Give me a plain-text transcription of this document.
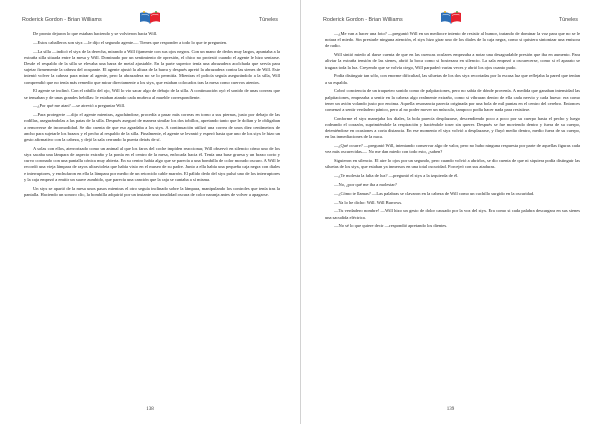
Roderick Gordon - Brian Williams	Túneles

De pronto dejaron lo que estaban haciendo y se volvieron hacia Will.

—Estos caballeros son styx —le dijo el segundo agente—. Tienes que responder a todo lo que te pregunten.

—La silla —indicó el styx de la derecha, mirando a Will fijamente con sus ojos negros. Con un mano de dedos muy largos, apuntaba a la extraña silla situada entre la mesa y Will. Dominado por un sentimiento de opresión, el chico no protestó cuando el agente le hizo sentarse. Desde el respaldo de la silla se elevaba una barra de metal ajustable. En la parte superior tenía una abrazadera acolchada que servía para sujetar firmemente la cabeza del ocupante. El agente ajustó la altura de la barra y después apretó la abrazadera contra las sienes de Will. Este intentó volver la cabeza para mirar al agente, pero la abrazadera no se lo permitía. Mientras el policía seguía asegurándolo a la silla, Will comprendió que no tenía más remedio que mirar directamente a los styx, que estaban colocados tras la mesa como cuervos atentos.

El agente se inclinó. Con el rabillo del ojo, Will lo vio sacar algo de debajo de la silla. A continuación oyó el sonido de unas correas que se tensaban y de unas grandes hebillas: le estaban atando cada muñeca al mueble correspondiente.

—¿Por qué me atan? —se atrevió a preguntar Will.

—Para protegerte —dijo el agente mientras, agachándose, procedía a pasar más correas en torno a sus piernas, justo por debajo de las rodillas, asegurándolas a las patas de la silla. Después aseguró de manera similar los dos tobillos, apretando tanto que le dolían y le obligaban a removerse de incomodidad. Se dio cuenta de que eso agradaba a los styx. A continuación utilizó una correa de unos diez centímetros de ancho para sujetarle los brazos y el pecho al respaldo de la silla. Finalmente, el agente se levantó y esperó hasta que uno de los styx le hizo un gesto afirmativo con la cabeza, y dejó la sala cerrando la puerta detrás de sí.

A solas con ellos, aterrorizado como un animal al que los faros del coche impiden reaccionar, Will observó en silencio cómo uno de los styx sacaba una lámpara de aspecto extraño y la ponía en el centro de la mesa, enfocada hacia él. Tenía una base gruesa y un brazo corto y curvo coronado con una pantalla cónica muy abierta. En su centro había algo que se parecía a una bombilla de color morado oscuro. A Will le recordó una vieja lámpara de rayos ultravioleta que había visto en el museo de su padre. Junto a ella había una pequeña caja negra con diales e interruptores, y enchufaron en ella la lámpara por medio de un retorcido cable marrón. El pálido dedo del styx pulsó uno de los interruptores y la caja empezó a emitir un suave zumbido, que parecía una canción que la caja se cantaba a sí misma.

Un styx se apartó de la mesa unos pasos mientras el otro seguía inclinado sobre la lámpara, manipulando los controles que tenía tras la pantalla. Haciendo un sonoro clic, la bombilla adquirió por un instante una tonalidad oscura de color naranja antes de volver a apagarse.

138
Roderick Gordon - Brian Williams	Túneles

—¿Me van a hacer una foto? —preguntó Will en un mediocre intento de resistir al humor, tratando de dominar la voz para que no se le notara el miedo. Sin prestarle ninguna atención, el styx hizo girar uno de los diales de la caja negra, como si quisiera sintonizar una emisora de radio.

Will sintió miedo al darse cuenta de que en las cuencas oculares empezaba a notar una desagradable presión que iba en aumento. Para aliviar la extraña tensión de las sienes, abrió la boca como si bostezara en silencio. La sala empezó a oscurecerse, como si el aparato se tragara toda la luz. Creyendo que se volvía ciego, Will parpadeó varias veces y abrió los ojos cuanto pudo.

Podía distinguir tan sólo, con enorme dificultad, las siluetas de los dos styx recortadas por la escasa luz que reflejaba la pared que tenían a su espalda.

Cobró conciencia de un traqueteo sonido como de palpitaciones, pero no sabía de dónde provenía. A medida que ganaban intensidad las palpitaciones, empezaba a sentir en la cabeza algo realmente extraño, como si vibraran dentro de ella cada nervio y cada hueso: era como tener un avión volando justo por encima. Aquella resonancia parecía originada por una bola de mil puntas en el centro del cerebro. Entonces comenzó a sentir verdadero pánico, pero al no poder mover un músculo, tampoco podía hacer nada para resistirse.

Conforme el styx manejaba los diales, la bola parecía desplazarse, descendiendo poco a poco por su cuerpo hasta el pecho y luego rodeando el corazón, suprimiéndole la respiración y haciéndole toser sin querer. Después se fue moviendo dentro y fuera de su cuerpo, deteniéndose en ocasiones a corta distancia. En ese momento el styx volvió a desplazarse, y fluyó medio dentro, medio fuera de su cuerpo, en las inmediaciones de la nuca.

—¿Qué ocurre? —preguntó Will, intentando conservar algo de valor, pero no hubo ninguna respuesta por parte de aquellas figuras cada vez más oscurecidas—. No me dan miedo con todo esto, ¿saben?

Siguieron en silencio. El aire lo ojos por un segundo, pero cuando volvió a abrirlos, se dio cuenta de que ni siquiera podía distinguir las siluetas de los styx, que estaban ya inmersos en una total oscuridad. Forcejeó con sus ataduras.

—¿Te molesta la falta de luz? —preguntó el styx a la izquierda de él.

—No, ¿por qué me iba a molestar?

—¿Cómo te llamas? —Las palabras se clavaron en la cabeza de Will como un cuchillo surgido en la oscuridad.

—Ya lo he dicho: Will. Will Burrows.

—Tu verdadero nombre! —Will hizo un gesto de dolor causado por la voz del styx. Era como si cada palabra descargara en sus sienes una sacudida eléctrica.

—No sé lo que quiere decir —respondió apretando los dientes.

139
